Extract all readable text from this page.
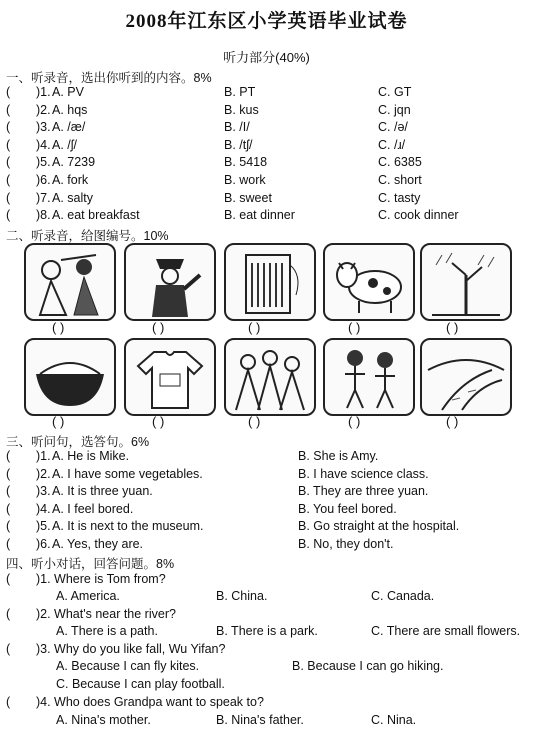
2008年江东区小学英语毕业试卷
听力部分(40%)
一、听录音，选出你听到的内容。8%
( )1. A. PV	B. PT	C. GT
( )2. A. hqs	B. kus	C. jqn
( )3. A. /æ/	B. /I/	C. /ə/
( )4. A. /ʃ/	B. /tʃ/	C. /ɹ/
( )5. A. 7239	B. 5418	C. 6385
( )6. A. fork	B. work	C. short
( )7. A. salty	B. sweet	C. tasty
( )8. A. eat breakfast	B. eat dinner	C. cook dinner
二、听录音，给图编号。10%
( )	( )	( )	( )	( )
( )	( )	( )	( )	( )
三、听问句，选答句。6%
( )1. A. He is Mike.	B. She is Amy.
( )2. A. I have some vegetables.	B. I have science class.
( )3. A. It is three yuan.	B. They are three yuan.
( )4. A. I feel bored.	B. You feel bored.
( )5. A. It is next to the museum.	B. Go straight at the hospital.
( )6. A. Yes, they are.	B. No, they don't.
四、听小对话，回答问题。8%
( )1. Where is Tom from?
A. America.	B. China.	C. Canada.
( )2. What's near the river?
A. There is a path.	B. There is a park.	C. There are small flowers.
( )3. Why do you like fall, Wu Yifan?
A. Because I can fly kites.	B. Because I can go hiking.
C. Because I can play football.
( )4. Who does Grandpa want to speak to?
A. Nina's mother.	B. Nina's father.	C. Nina.
